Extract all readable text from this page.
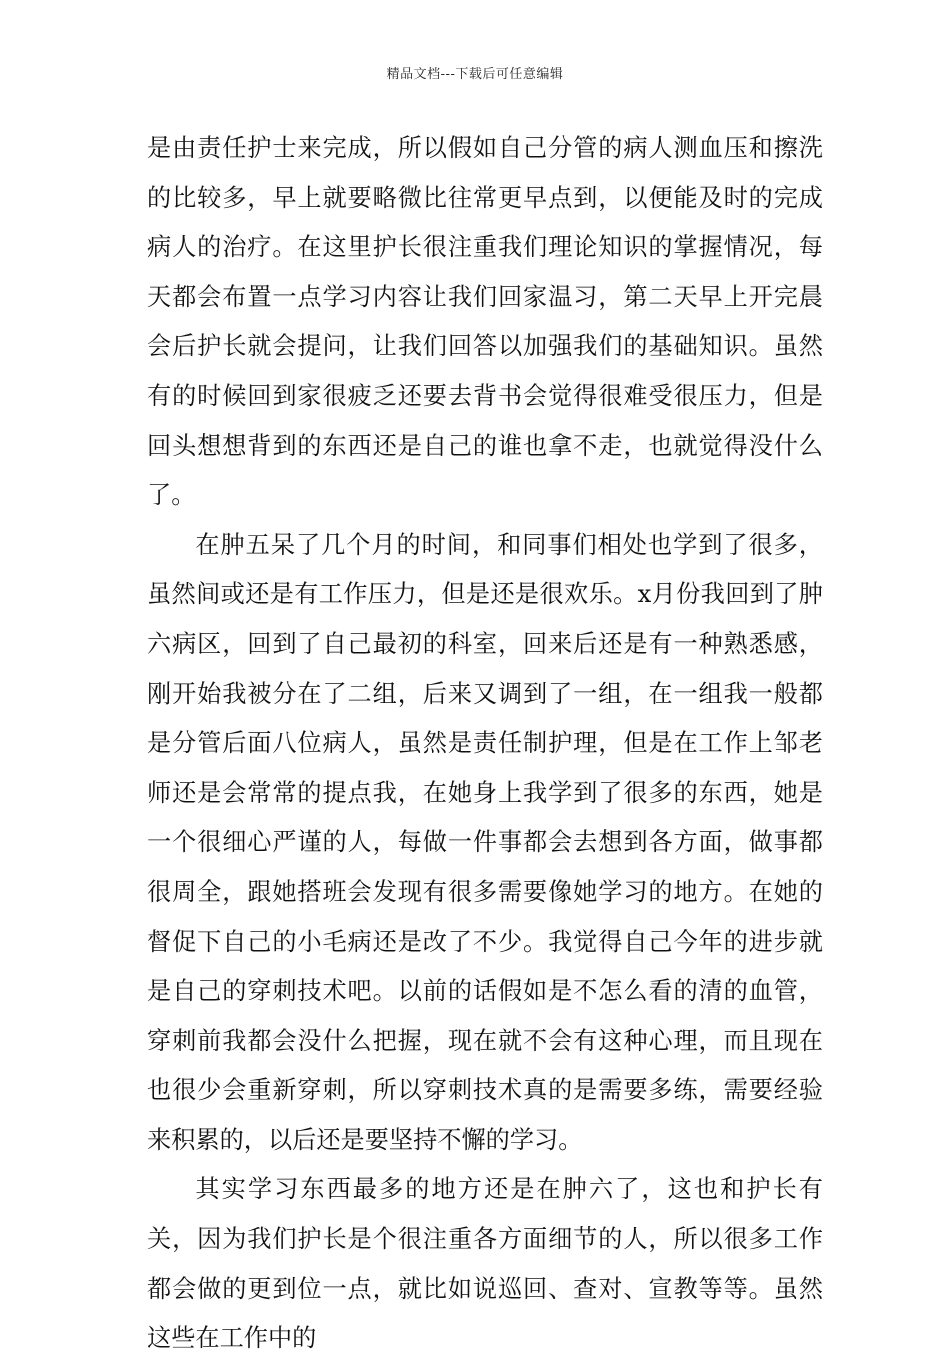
精品文档---下载后可任意编辑

是由责任护士来完成，所以假如自己分管的病人测血压和擦洗的比较多，早上就要略微比往常更早点到，以便能及时的完成病人的治疗。在这里护长很注重我们理论知识的掌握情况，每天都会布置一点学习内容让我们回家温习，第二天早上开完晨会后护长就会提问，让我们回答以加强我们的基础知识。虽然有的时候回到家很疲乏还要去背书会觉得很难受很压力，但是回头想想背到的东西还是自己的谁也拿不走，也就觉得没什么了。

在肿五呆了几个月的时间，和同事们相处也学到了很多，虽然间或还是有工作压力，但是还是很欢乐。x月份我回到了肿六病区，回到了自己最初的科室，回来后还是有一种熟悉感，刚开始我被分在了二组，后来又调到了一组，在一组我一般都是分管后面八位病人，虽然是责任制护理，但是在工作上邹老师还是会常常的提点我，在她身上我学到了很多的东西，她是一个很细心严谨的人，每做一件事都会去想到各方面，做事都很周全，跟她搭班会发现有很多需要像她学习的地方。在她的督促下自己的小毛病还是改了不少。我觉得自己今年的进步就是自己的穿刺技术吧。以前的话假如是不怎么看的清的血管，穿刺前我都会没什么把握，现在就不会有这种心理，而且现在也很少会重新穿刺，所以穿刺技术真的是需要多练，需要经验来积累的，以后还是要坚持不懈的学习。

其实学习东西最多的地方还是在肿六了，这也和护长有关，因为我们护长是个很注重各方面细节的人，所以很多工作都会做的更到位一点，就比如说巡回、查对、宣教等等。虽然这些在工作中的
